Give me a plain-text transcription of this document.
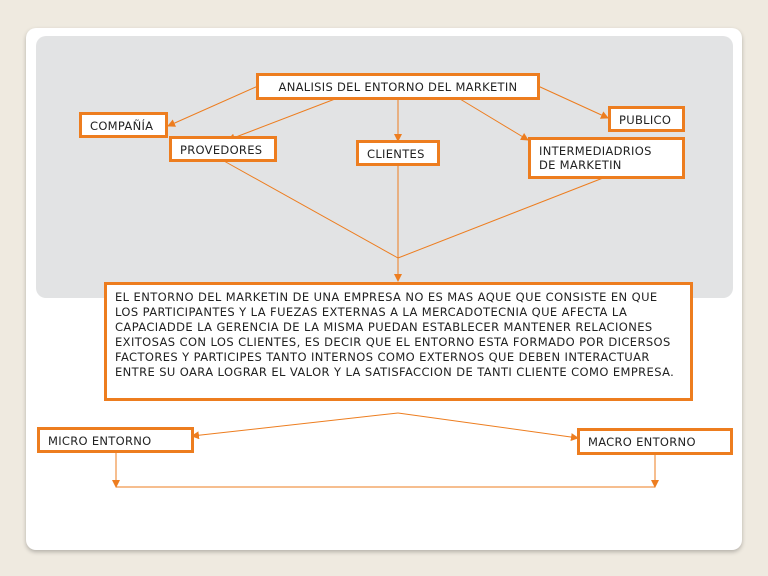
ANALISIS DEL ENTORNO DEL MARKETIN
COMPAÑÍA	PUBLICO
PROVEDORES	CLIENTES	INTERMEDIADRIOS
DE MARKETIN
EL ENTORNO DEL MARKETIN DE UNA EMPRESA NO ES MAS AQUE QUE CONSISTE EN QUE LOS PARTICIPANTES Y LA FUEZAS EXTERNAS A LA MERCADOTECNIA QUE AFECTA LA CAPACIADDE LA GERENCIA DE LA MISMA PUEDAN ESTABLECER MANTENER RELACIONES EXITOSAS CON LOS CLIENTES, ES DECIR QUE EL ENTORNO ESTA FORMADO POR DICERSOS FACTORES Y PARTICIPES TANTO INTERNOS COMO EXTERNOS QUE DEBEN INTERACTUAR ENTRE SU OARA LOGRAR EL VALOR Y LA SATISFACCION DE TANTI CLIENTE COMO EMPRESA.
MICRO ENTORNO	MACRO ENTORNO
